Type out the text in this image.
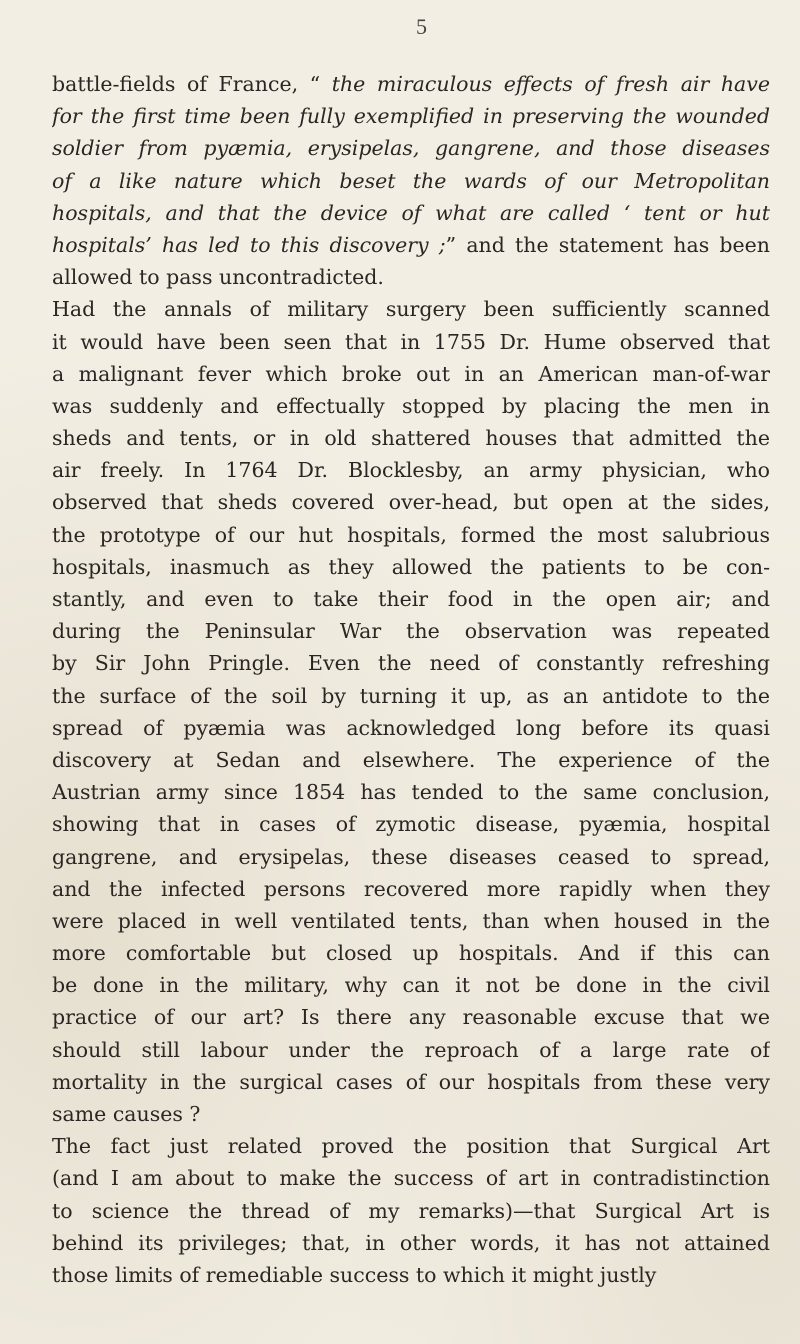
5
battle-fields of France, “ the miraculous effects of fresh air have
for the first time been fully exemplified in preserving the wounded
soldier from pyæmia, erysipelas, gangrene, and those diseases
of a like nature which beset the wards of our Metropolitan
hospitals, and that the device of what are called ‘ tent or hut
hospitals’ has led to this discovery ;” and the statement has been
allowed to pass uncontradicted.
Had the annals of military surgery been sufficiently scanned
it would have been seen that in 1755 Dr. Hume observed that
a malignant fever which broke out in an American man-of-war
was suddenly and effectually stopped by placing the men in
sheds and tents, or in old shattered houses that admitted the
air freely. In 1764 Dr. Blocklesby, an army physician, who
observed that sheds covered over-head, but open at the sides,
the prototype of our hut hospitals, formed the most salubrious
hospitals, inasmuch as they allowed the patients to be con-
stantly, and even to take their food in the open air; and
during the Peninsular War the observation was repeated
by Sir John Pringle. Even the need of constantly refreshing
the surface of the soil by turning it up, as an antidote to the
spread of pyæmia was acknowledged long before its quasi
discovery at Sedan and elsewhere. The experience of the
Austrian army since 1854 has tended to the same conclusion,
showing that in cases of zymotic disease, pyæmia, hospital
gangrene, and erysipelas, these diseases ceased to spread,
and the infected persons recovered more rapidly when they
were placed in well ventilated tents, than when housed in the
more comfortable but closed up hospitals. And if this can
be done in the military, why can it not be done in the civil
practice of our art? Is there any reasonable excuse that we
should still labour under the reproach of a large rate of
mortality in the surgical cases of our hospitals from these very
same causes ?
The fact just related proved the position that Surgical Art
(and I am about to make the success of art in contradistinction
to science the thread of my remarks)—that Surgical Art is
behind its privileges; that, in other words, it has not attained
those limits of remediable success to which it might justly
